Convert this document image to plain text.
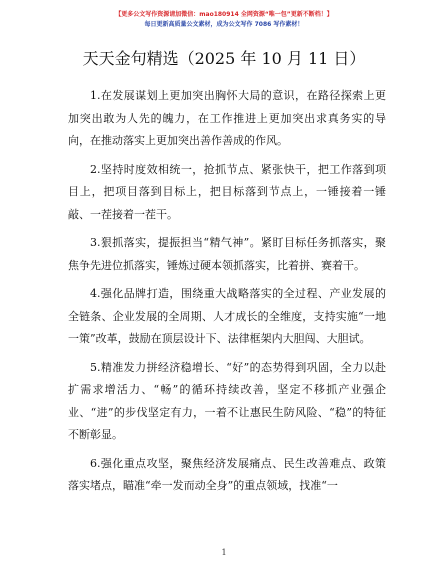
【更多公文写作资源请加微信：mao180914 全网资源“唯一包”更新不断档！】
每日更新高质量公文素材，成为公文写作 7086 写作素材！
天天金句精选（2025 年 10 月 11 日）

1.在发展谋划上更加突出胸怀大局的意识，在路径探索上更加突出敢为人先的魄力，在工作推进上更加突出求真务实的导向，在推动落实上更加突出善作善成的作风。

2.坚持时度效相统一，抢抓节点、紧张快干，把工作落到项目上，把项目落到目标上，把目标落到节点上，一锤接着一锤敲、一茬接着一茬干。

3.狠抓落实，提振担当“精气神”。紧盯目标任务抓落实，聚焦争先进位抓落实，锤炼过硬本领抓落实，比着拼、赛着干。

4.强化品牌打造，围绕重大战略落实的全过程、产业发展的全链条、企业发展的全周期、人才成长的全维度，支持实施“一地一策”改革，鼓励在顶层设计下、法律框架内大胆闯、大胆试。

5.精准发力拼经济稳增长、“好”的态势得到巩固，全力以赴扩需求增活力、“畅”的循环持续改善，坚定不移抓产业强企业、“进”的步伐坚定有力，一着不让惠民生防风险、“稳”的特征不断彰显。

6.强化重点攻坚，聚焦经济发展痛点、民生改善难点、政策落实堵点，瞄准“牵一发而动全身”的重点领域，找准“一

1
